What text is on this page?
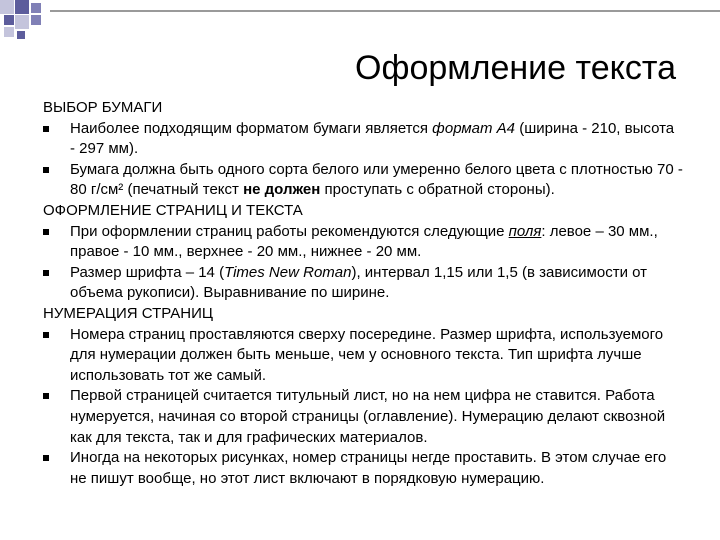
Оформление текста
ВЫБОР БУМАГИ
Наиболее подходящим форматом бумаги является формат А4 (ширина - 210, высота - 297 мм).
Бумага должна быть одного сорта белого или умеренно белого цвета с плотностью 70 - 80 г/см² (печатный текст не должен проступать с обратной стороны).
ОФОРМЛЕНИЕ СТРАНИЦ И ТЕКСТА
При оформлении страниц работы рекомендуются следующие поля: левое – 30 мм., правое - 10 мм., верхнее - 20 мм., нижнее - 20 мм.
Размер шрифта – 14 (Times New Roman), интервал 1,15 или 1,5 (в зависимости от объема рукописи). Выравнивание по ширине.
НУМЕРАЦИЯ СТРАНИЦ
Номера страниц проставляются сверху посередине. Размер шрифта, используемого для нумерации должен быть меньше, чем у основного текста. Тип шрифта лучше использовать тот же самый.
Первой страницей считается титульный лист, но на нем цифра не ставится. Работа нумеруется, начиная со второй страницы (оглавление). Нумерацию делают сквозной как для текста, так и для графических материалов.
Иногда на некоторых рисунках, номер страницы негде проставить. В этом случае его не пишут вообще, но этот лист включают в порядковую нумерацию.
